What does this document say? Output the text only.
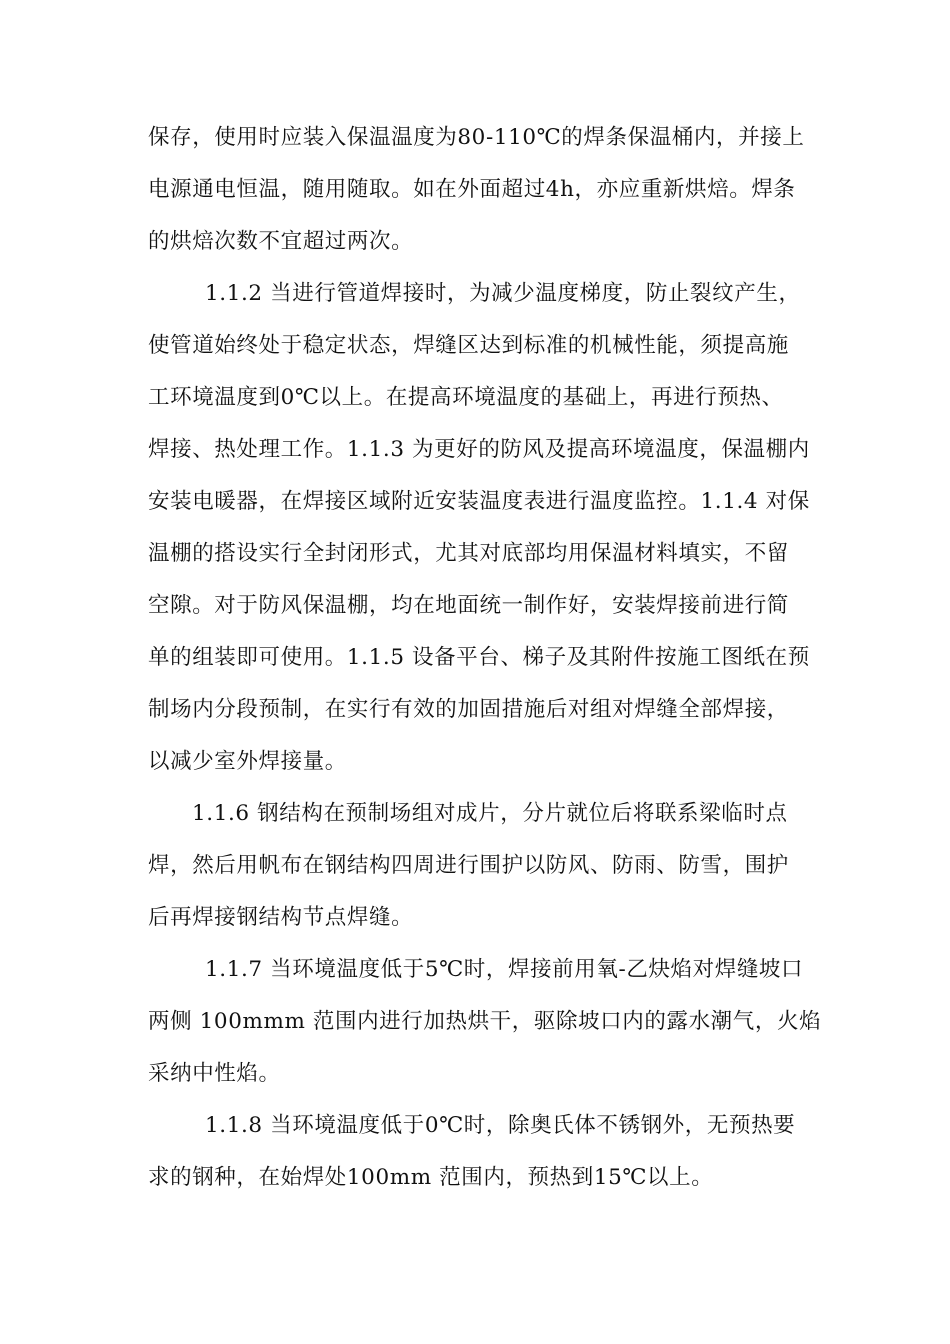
保存，使用时应装入保温温度为80-110℃的焊条保温桶内，并接上
电源通电恒温，随用随取。如在外面超过4h，亦应重新烘焙。焊条
的烘焙次数不宜超过两次。
1.1.2 当进行管道焊接时，为减少温度梯度，防止裂纹产生，
使管道始终处于稳定状态，焊缝区达到标准的机械性能，须提高施
工环境温度到0℃以上。在提高环境温度的基础上，再进行预热、
焊接、热处理工作。1.1.3 为更好的防风及提高环境温度，保温棚内
安装电暖器，在焊接区域附近安装温度表进行温度监控。1.1.4 对保
温棚的搭设实行全封闭形式，尤其对底部均用保温材料填实，不留
空隙。对于防风保温棚，均在地面统一制作好，安装焊接前进行简
单的组装即可使用。1.1.5 设备平台、梯子及其附件按施工图纸在预
制场内分段预制，在实行有效的加固措施后对组对焊缝全部焊接，
以减少室外焊接量。
1.1.6 钢结构在预制场组对成片，分片就位后将联系梁临时点
焊，然后用帆布在钢结构四周进行围护以防风、防雨、防雪，围护
后再焊接钢结构节点焊缝。
1.1.7 当环境温度低于5℃时，焊接前用氧-乙炔焰对焊缝坡口
两侧 100mmm 范围内进行加热烘干，驱除坡口内的露水潮气，火焰
采纳中性焰。
1.1.8 当环境温度低于0℃时，除奥氏体不锈钢外，无预热要
求的钢种，在始焊处100mm 范围内，预热到15℃以上。
